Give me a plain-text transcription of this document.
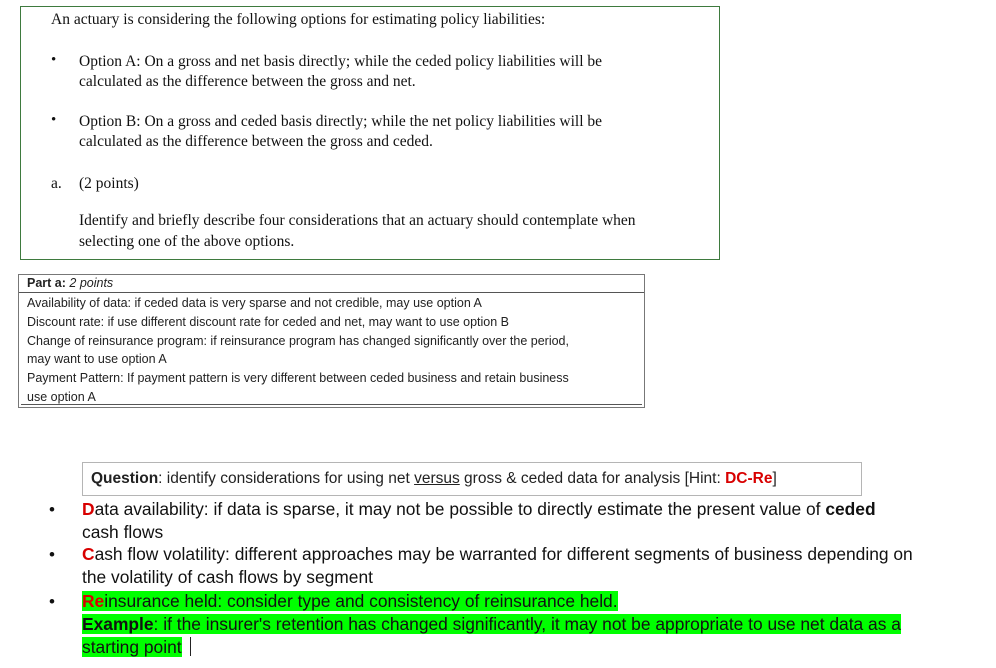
An actuary is considering the following options for estimating policy liabilities:
• Option A: On a gross and net basis directly; while the ceded policy liabilities will be
calculated as the difference between the gross and net.
• Option B: On a gross and ceded basis directly; while the net policy liabilities will be
calculated as the difference between the gross and ceded.
a. (2 points)
Identify and briefly describe four considerations that an actuary should contemplate when
selecting one of the above options.
Part a: 2 points
Availability of data: if ceded data is very sparse and not credible, may use option A
Discount rate: if use different discount rate for ceded and net, may want to use option B
Change of reinsurance program: if reinsurance program has changed significantly over the period,
may want to use option A
Payment Pattern: If payment pattern is very different between ceded business and retain business
use option A
Question: identify considerations for using net versus gross & ceded data for analysis [Hint: DC-Re]
• Data availability: if data is sparse, it may not be possible to directly estimate the present value of ceded
cash flows
• Cash flow volatility: different approaches may be warranted for different segments of business depending on
the volatility of cash flows by segment
• Reinsurance held: consider type and consistency of reinsurance held.
Example: if the insurer's retention has changed significantly, it may not be appropriate to use net data as a
starting point
